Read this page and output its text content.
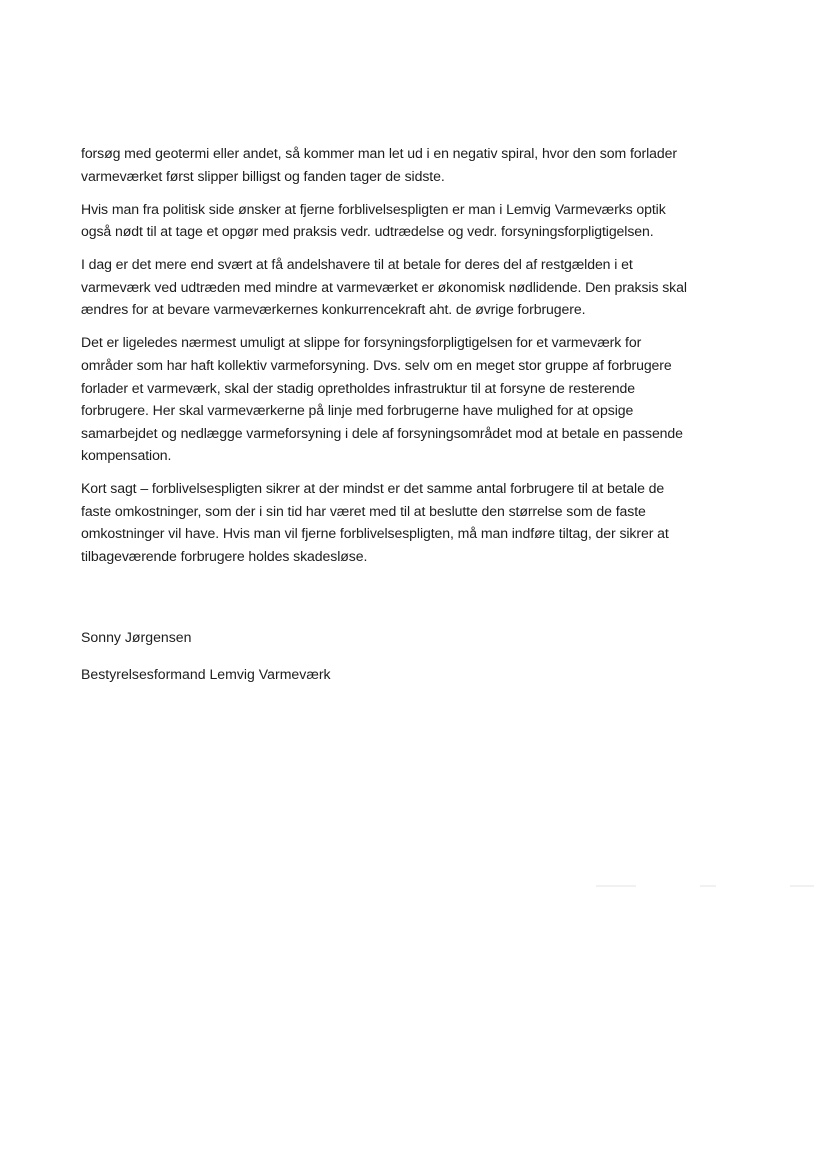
forsøg med geotermi eller andet, så kommer man let ud i en negativ spiral, hvor den som forlader
varmeværket først slipper billigst og fanden tager de sidste.

Hvis man fra politisk side ønsker at fjerne forblivelsespligten er man i Lemvig Varmeværks optik
også nødt til at tage et opgør med praksis vedr. udtrædelse og vedr. forsyningsforpligtigelsen.

I dag er det mere end svært at få andelshavere til at betale for deres del af restgælden i et
varmeværk ved udtræden med mindre at varmeværket er økonomisk nødlidende. Den praksis skal
ændres for at bevare varmeværkernes konkurrencekraft aht. de øvrige forbrugere.

Det er ligeledes nærmest umuligt at slippe for forsyningsforpligtigelsen for et varmeværk for
områder som har haft kollektiv varmeforsyning. Dvs. selv om en meget stor gruppe af forbrugere
forlader et varmeværk, skal der stadig opretholdes infrastruktur til at forsyne de resterende
forbrugere. Her skal varmeværkerne på linje med forbrugerne have mulighed for at opsige
samarbejdet og nedlægge varmeforsyning i dele af forsyningsområdet mod at betale en passende
kompensation.

Kort sagt – forblivelsespligten sikrer at der mindst er det samme antal forbrugere til at betale de
faste omkostninger, som der i sin tid har været med til at beslutte den størrelse som de faste
omkostninger vil have. Hvis man vil fjerne forblivelsespligten, må man indføre tiltag, der sikrer at
tilbageværende forbrugere holdes skadesløse.

Sonny Jørgensen

Bestyrelsesformand Lemvig Varmeværk
